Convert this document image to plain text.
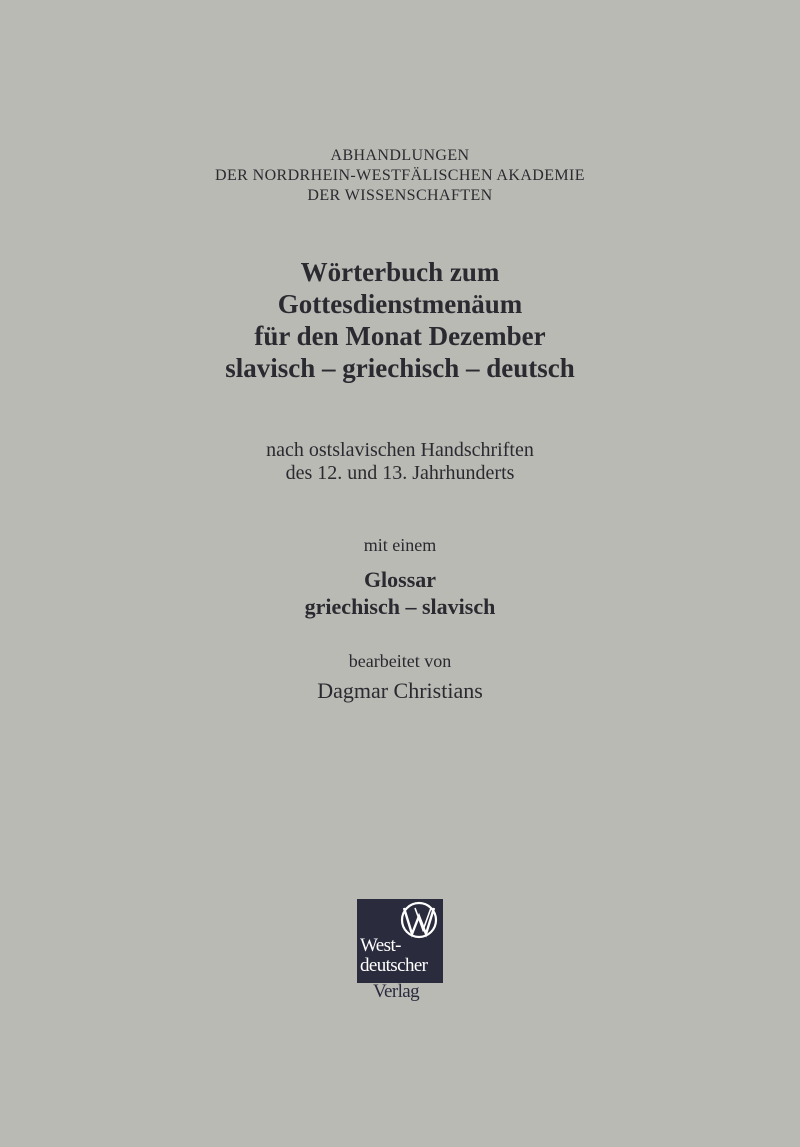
ABHANDLUNGEN
DER NORDRHEIN-WESTFÄLISCHEN AKADEMIE
DER WISSENSCHAFTEN
Wörterbuch zum
Gottesdienstmenäum
für den Monat Dezember
slavisch – griechisch – deutsch
nach ostslavischen Handschriften
des 12. und 13. Jahrhunderts
mit einem
Glossar
griechisch – slavisch
bearbeitet von
Dagmar Christians
West-
deutscher
Verlag
